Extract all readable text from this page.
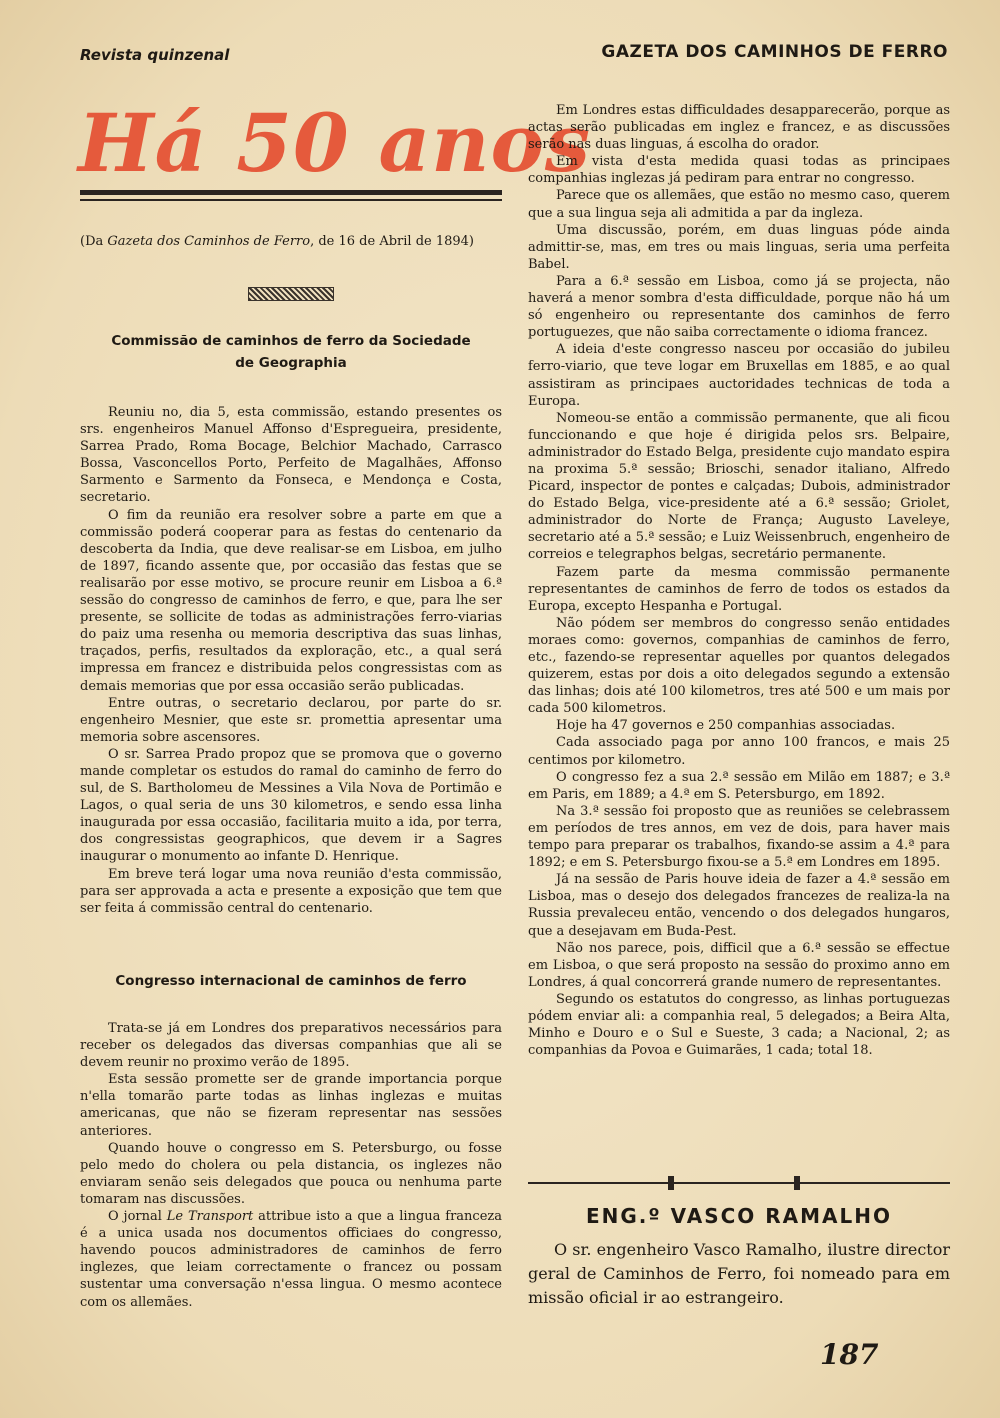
Revista quinzenal	GAZETA DOS CAMINHOS DE FERRO
Há 50 anos
(Da Gazeta dos Caminhos de Ferro, de 16 de Abril de 1894)
Commissão de caminhos de ferro da Sociedade
de Geographia

Reuniu no, dia 5, esta commissão, estando presentes os srs. engenheiros Manuel Affonso d'Espregueira, presidente, Sarrea Prado, Roma Bocage, Belchior Machado, Carrasco Bossa, Vasconcellos Porto, Perfeito de Magalhães, Affonso Sarmento e Sarmento da Fonseca, e Mendonça e Costa, secretario.

O fim da reunião era resolver sobre a parte em que a commissão poderá cooperar para as festas do centenario da descoberta da India, que deve realisar-se em Lisboa, em julho de 1897, ficando assente que, por occasião das festas que se realisarão por esse motivo, se procure reunir em Lisboa a 6.ª sessão do congresso de caminhos de ferro, e que, para lhe ser presente, se sollicite de todas as administrações ferro-viarias do paiz uma resenha ou memoria descriptiva das suas linhas, traçados, perfis, resultados da exploração, etc., a qual será impressa em francez e distribuida pelos congressistas com as demais memorias que por essa occasião serão publicadas.

Entre outras, o secretario declarou, por parte do sr. engenheiro Mesnier, que este sr. promettia apresentar uma memoria sobre ascensores.

O sr. Sarrea Prado propoz que se promova que o governo mande completar os estudos do ramal do caminho de ferro do sul, de S. Bartholomeu de Messines a Vila Nova de Portimão e Lagos, o qual seria de uns 30 kilometros, e sendo essa linha inaugurada por essa occasião, facilitaria muito a ida, por terra, dos congressistas geographicos, que devem ir a Sagres inaugurar o monumento ao infante D. Henrique.

Em breve terá logar uma nova reunião d'esta commissão, para ser approvada a acta e presente a exposição que tem que ser feita á commissão central do centenario.

Congresso internacional de caminhos de ferro

Trata-se já em Londres dos preparativos necessários para receber os delegados das diversas companhias que ali se devem reunir no proximo verão de 1895.

Esta sessão promette ser de grande importancia porque n'ella tomarão parte todas as linhas inglezas e muitas americanas, que não se fizeram representar nas sessões anteriores.

Quando houve o congresso em S. Petersburgo, ou fosse pelo medo do cholera ou pela distancia, os inglezes não enviaram senão seis delegados que pouca ou nenhuma parte tomaram nas discussões.

O jornal Le Transport attribue isto a que a lingua franceza é a unica usada nos documentos officiaes do congresso, havendo poucos administradores de caminhos de ferro inglezes, que leiam correctamente o francez ou possam sustentar uma conversação n'essa lingua. O mesmo acontece com os allemães.

Em Londres estas difficuldades desapparecerão, porque as actas serão publicadas em inglez e francez, e as discussões serão nas duas linguas, á escolha do orador.

Em vista d'esta medida quasi todas as principaes companhias inglezas já pediram para entrar no congresso.

Parece que os allemães, que estão no mesmo caso, querem que a sua lingua seja ali admitida a par da ingleza.

Uma discussão, porém, em duas linguas póde ainda admittir-se, mas, em tres ou mais linguas, seria uma perfeita Babel.

Para a 6.ª sessão em Lisboa, como já se projecta, não haverá a menor sombra d'esta difficuldade, porque não há um só engenheiro ou representante dos caminhos de ferro portuguezes, que não saiba correctamente o idioma francez.

A ideia d'este congresso nasceu por occasião do jubileu ferro-viario, que teve logar em Bruxellas em 1885, e ao qual assistiram as principaes auctoridades technicas de toda a Europa.

Nomeou-se então a commissão permanente, que ali ficou funccionando e que hoje é dirigida pelos srs. Belpaire, administrador do Estado Belga, presidente cujo mandato espira na proxima 5.ª sessão; Brioschi, senador italiano, Alfredo Picard, inspector de pontes e calçadas; Dubois, administrador do Estado Belga, vice-presidente até a 6.ª sessão; Griolet, administrador do Norte de França; Augusto Laveleye, secretario até a 5.ª sessão; e Luiz Weissenbruch, engenheiro de correios e telegraphos belgas, secretário permanente.

Fazem parte da mesma commissão permanente representantes de caminhos de ferro de todos os estados da Europa, excepto Hespanha e Portugal.

Não pódem ser membros do congresso senão entidades moraes como: governos, companhias de caminhos de ferro, etc., fazendo-se representar aquelles por quantos delegados quizerem, estas por dois a oito delegados segundo a extensão das linhas; dois até 100 kilometros, tres até 500 e um mais por cada 500 kilometros.

Hoje ha 47 governos e 250 companhias associadas.

Cada associado paga por anno 100 francos, e mais 25 centimos por kilometro.

O congresso fez a sua 2.ª sessão em Milão em 1887; e 3.ª em Paris, em 1889; a 4.ª em S. Petersburgo, em 1892.

Na 3.ª sessão foi proposto que as reuniões se celebrassem em períodos de tres annos, em vez de dois, para haver mais tempo para preparar os trabalhos, fixando-se assim a 4.ª para 1892; e em S. Petersburgo fixou-se a 5.ª em Londres em 1895.

Já na sessão de Paris houve ideia de fazer a 4.ª sessão em Lisboa, mas o desejo dos delegados francezes de realiza-la na Russia prevaleceu então, vencendo o dos delegados hungaros, que a desejavam em Buda-Pest.

Não nos parece, pois, difficil que a 6.ª sessão se effectue em Lisboa, o que será proposto na sessão do proximo anno em Londres, á qual concorrerá grande numero de representantes.

Segundo os estatutos do congresso, as linhas portuguezas pódem enviar ali: a companhia real, 5 delegados; a Beira Alta, Minho e Douro e o Sul e Sueste, 3 cada; a Nacional, 2; as companhias da Povoa e Guimarães, 1 cada; total 18.

ENG.º VASCO RAMALHO

O sr. engenheiro Vasco Ramalho, ilustre director geral de Caminhos de Ferro, foi nomeado para em missão oficial ir ao estrangeiro.

187
